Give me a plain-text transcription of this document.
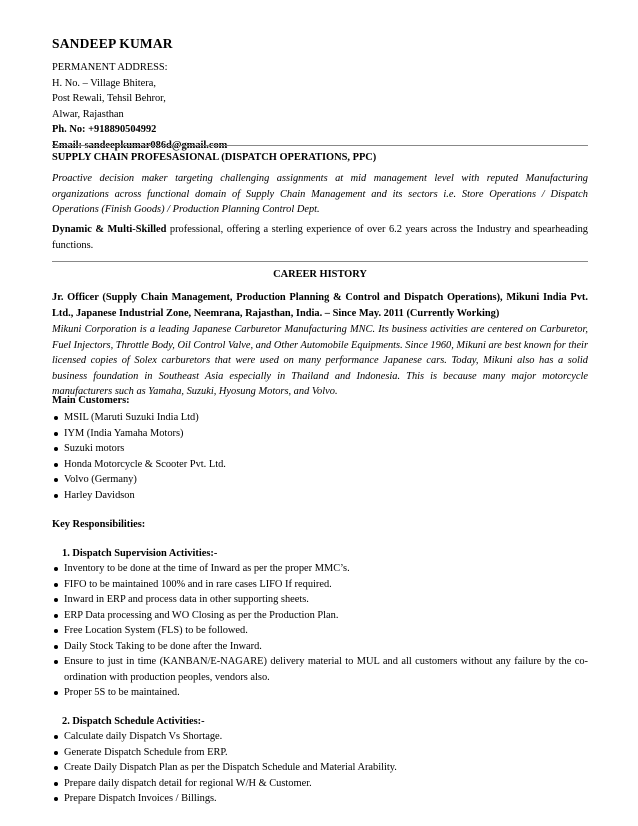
SANDEEP KUMAR
PERMANENT ADDRESS:
H. No. – Village Bhitera,
Post Rewali, Tehsil Behror,
Alwar, Rajasthan
Ph. No: +918890504992
Email: sandeepkumar086d@gmail.com
SUPPLY CHAIN PROFESASIONAL (DISPATCH OPERATIONS, PPC)
Proactive decision maker targeting challenging assignments at mid management level with reputed Manufacturing organizations across functional domain of Supply Chain Management and its sectors i.e. Store Operations / Dispatch Operations (Finish Goods) / Production Planning Control Dept.
Dynamic & Multi-Skilled professional, offering a sterling experience of over 6.2 years across the Industry and spearheading functions.
CAREER HISTORY
Jr. Officer (Supply Chain Management, Production Planning & Control and Dispatch Operations), Mikuni India Pvt. Ltd., Japanese Industrial Zone, Neemrana, Rajasthan, India. – Since May. 2011 (Currently Working)
Mikuni Corporation is a leading Japanese Carburetor Manufacturing MNC. Its business activities are centered on Carburetor, Fuel Injectors, Throttle Body, Oil Control Valve, and Other Automobile Equipments. Since 1960, Mikuni are best known for their licensed copies of Solex carburetors that were used on many performance Japanese cars. Today, Mikuni also has a solid business foundation in Southeast Asia especially in Thailand and Indonesia. This is because many major motorcycle manufacturers such as Yamaha, Suzuki, Hyosung Motors, and Volvo.
Main Customers:
MSIL (Maruti Suzuki India Ltd)
IYM (India Yamaha Motors)
Suzuki motors
Honda Motorcycle & Scooter Pvt. Ltd.
Volvo (Germany)
Harley Davidson
Key Responsibilities:
1. Dispatch Supervision Activities:-
Inventory to be done at the time of Inward as per the proper MMC’s.
FIFO to be maintained 100% and in rare cases LIFO If required.
Inward in ERP and process data in other supporting sheets.
ERP Data processing and WO Closing as per the Production Plan.
Free Location System (FLS) to be followed.
Daily Stock Taking to be done after the Inward.
Ensure to just in time (KANBAN/E-NAGARE) delivery material to MUL and all customers without any failure by the co-ordination with production peoples, vendors also.
Proper 5S to be maintained.
2. Dispatch Schedule Activities:-
Calculate daily Dispatch Vs Shortage.
Generate Dispatch Schedule from ERP.
Create Daily Dispatch Plan as per the Dispatch Schedule and Material Arability.
Prepare daily dispatch detail for regional W/H & Customer.
Prepare Dispatch Invoices / Billings.
